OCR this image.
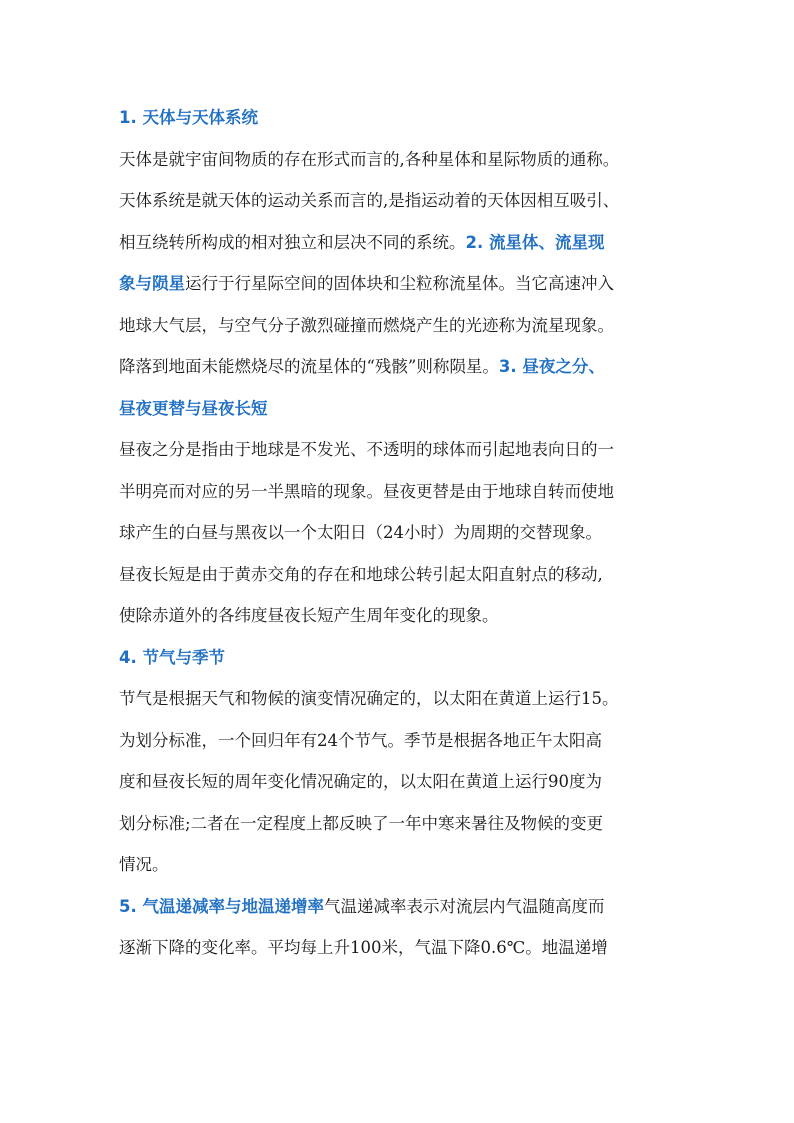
1. 天体与天体系统
天体是就宇宙间物质的存在形式而言的,各种星体和星际物质的通称。
天体系统是就天体的运动关系而言的,是指运动着的天体因相互吸引、
相互绕转所构成的相对独立和层决不同的系统。2. 流星体、流星现
象与陨星运行于行星际空间的固体块和尘粒称流星体。当它高速冲入
地球大气层，与空气分子激烈碰撞而燃烧产生的光迹称为流星现象。
降落到地面未能燃烧尽的流星体的“残骸”则称陨星。3. 昼夜之分、
昼夜更替与昼夜长短
昼夜之分是指由于地球是不发光、不透明的球体而引起地表向日的一
半明亮而对应的另一半黑暗的现象。昼夜更替是由于地球自转而使地
球产生的白昼与黑夜以一个太阳日（24小时）为周期的交替现象。
昼夜长短是由于黄赤交角的存在和地球公转引起太阳直射点的移动,
使除赤道外的各纬度昼夜长短产生周年变化的现象。
4. 节气与季节
节气是根据天气和物候的演变情况确定的，以太阳在黄道上运行15。
为划分标准，一个回归年有24个节气。季节是根据各地正午太阳高
度和昼夜长短的周年变化情况确定的，以太阳在黄道上运行90度为
划分标准;二者在一定程度上都反映了一年中寒来暑往及物候的变更
情况。
5. 气温递减率与地温递增率气温递减率表示对流层内气温随高度而
逐渐下降的变化率。平均每上升100米，气温下降0.6℃。地温递增
